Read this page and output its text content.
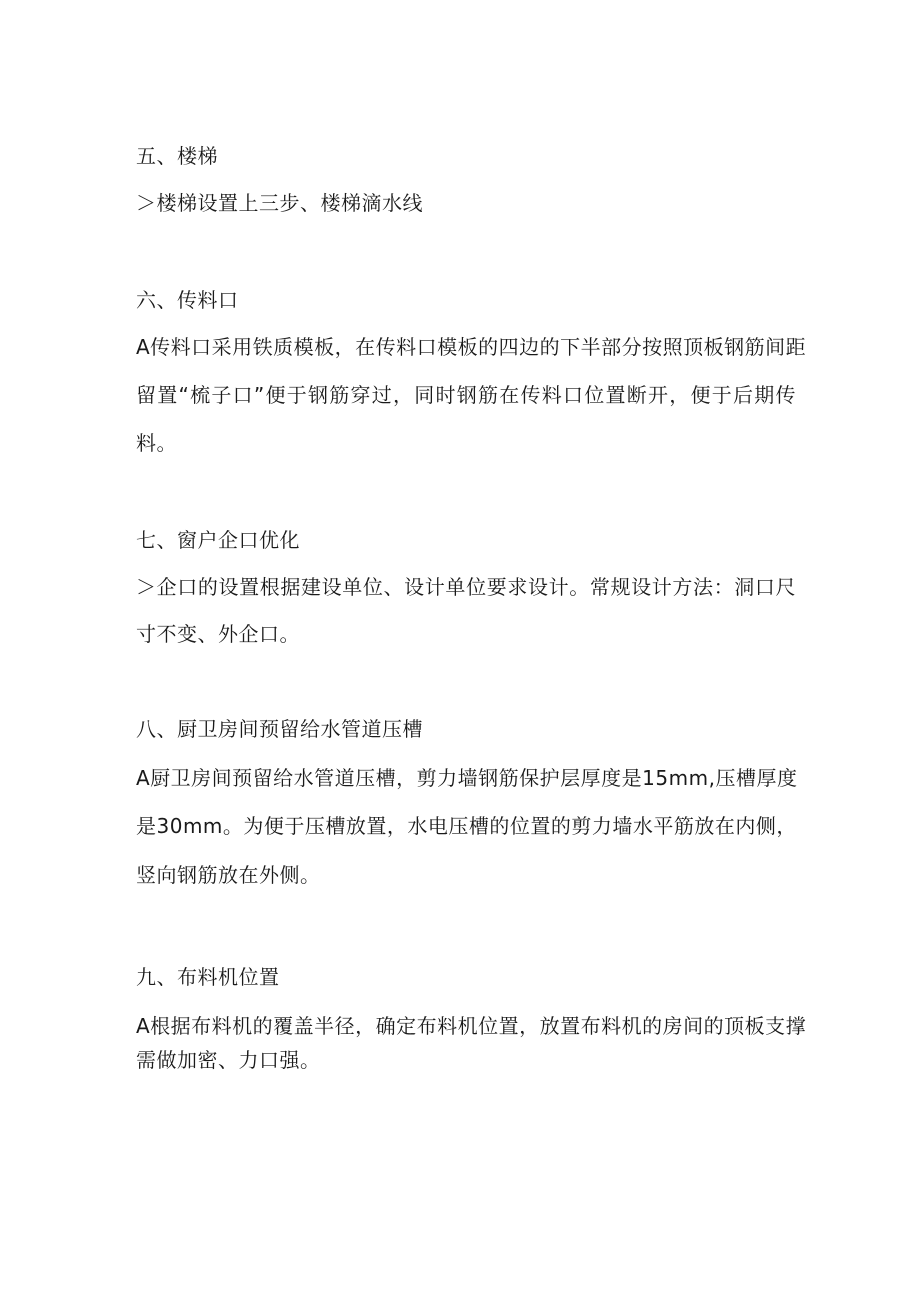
五、楼梯
＞楼梯设置上三步、楼梯滴水线
六、传料口
A传料口采用铁质模板，在传料口模板的四边的下半部分按照顶板钢筋间距
留置“梳子口”便于钢筋穿过，同时钢筋在传料口位置断开，便于后期传
料。
七、窗户企口优化
＞企口的设置根据建设单位、设计单位要求设计。常规设计方法：洞口尺
寸不变、外企口。
八、厨卫房间预留给水管道压槽
A厨卫房间预留给水管道压槽，剪力墙钢筋保护层厚度是15mm,压槽厚度
是30mm。为便于压槽放置，水电压槽的位置的剪力墙水平筋放在内侧，
竖向钢筋放在外侧。
九、布料机位置
A根据布料机的覆盖半径，确定布料机位置，放置布料机的房间的顶板支撑
需做加密、力口强。
